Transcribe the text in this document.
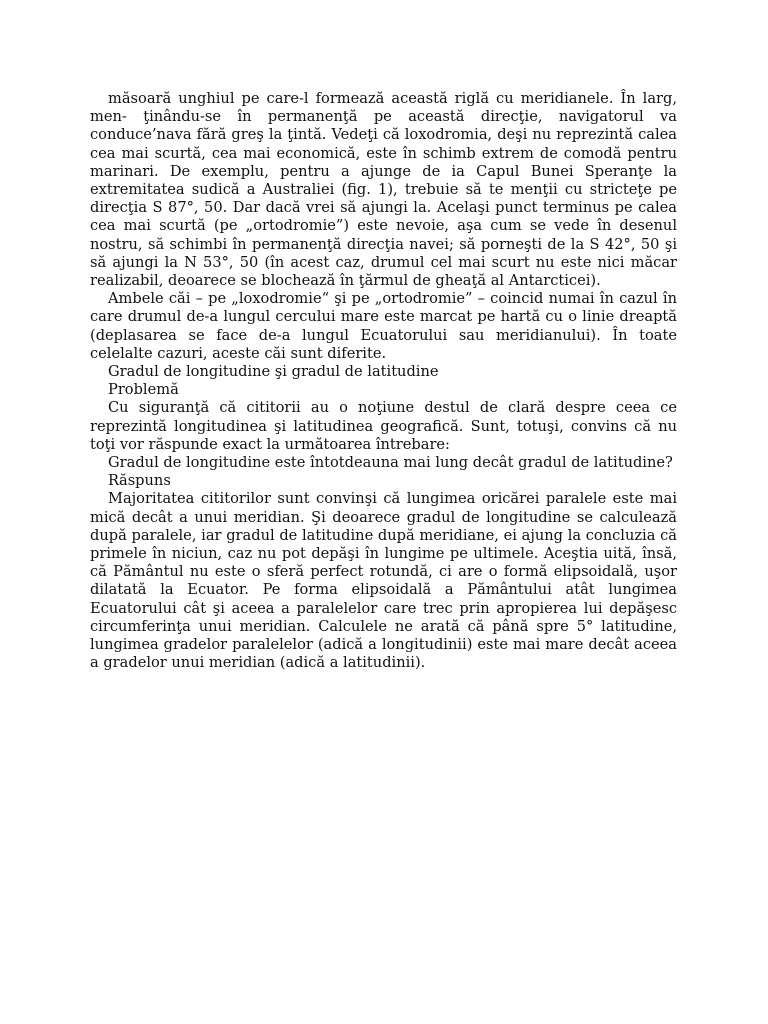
măsoară unghiul pe care-l formează această riglă cu meridianele. În larg, men- ţinându-se în permanenţă pe această direcţie, navigatorul va conduce’nava fără greş la ţintă. Vedeţi că loxodromia, deşi nu reprezintă calea cea mai scurtă, cea mai economică, este în schimb extrem de comodă pentru marinari. De exemplu, pentru a ajunge de ia Capul Bunei Speranţe la extremitatea sudică a Australiei (fig. 1), trebuie să te menţii cu stricteţe pe direcţia S 87°, 50. Dar dacă vrei să ajungi la. Acelaşi punct terminus pe calea cea mai scurtă (pe „ortodromie”) este nevoie, aşa cum se vede în desenul nostru, să schimbi în permanenţă direcţia navei; să porneşti de la S 42°, 50 şi să ajungi la N 53°, 50 (în acest caz, drumul cel mai scurt nu este nici măcar realizabil, deoarece se blochează în ţărmul de gheaţă al Antarcticei).

Ambele căi – pe „loxodromie“ şi pe „ortodromie” – coincid numai în cazul în care drumul de-a lungul cercului mare este marcat pe hartă cu o linie dreaptă (deplasarea se face de-a lungul Ecuatorului sau meridianului). În toate celelalte cazuri, aceste căi sunt diferite.

Gradul de longitudine şi gradul de latitudine

Problemă

Cu siguranţă că cititorii au o noţiune destul de clară despre ceea ce reprezintă longitudinea şi latitudinea geografică. Sunt, totuşi, convins că nu toţi vor răspunde exact la următoarea întrebare:

Gradul de longitudine este întotdeauna mai lung decât gradul de latitudine?

Răspuns

Majoritatea cititorilor sunt convinşi că lungimea oricărei paralele este mai mică decât a unui meridian. Şi deoarece gradul de longitudine se calculează după paralele, iar gradul de latitudine după meridiane, ei ajung la concluzia că primele în niciun, caz nu pot depăşi în lungime pe ultimele. Aceştia uită, însă, că Pământul nu este o sferă perfect rotundă, ci are o formă elipsoidală, uşor dilatată la Ecuator. Pe forma elipsoidală a Pământului atât lungimea Ecuatorului cât şi aceea a paralelelor care trec prin apropierea lui depăşesc circumferinţa unui meridian. Calculele ne arată că până spre 5° latitudine, lungimea gradelor paralelelor (adică a longitudinii) este mai mare decât aceea a gradelor unui meridian (adică a latitudinii).
